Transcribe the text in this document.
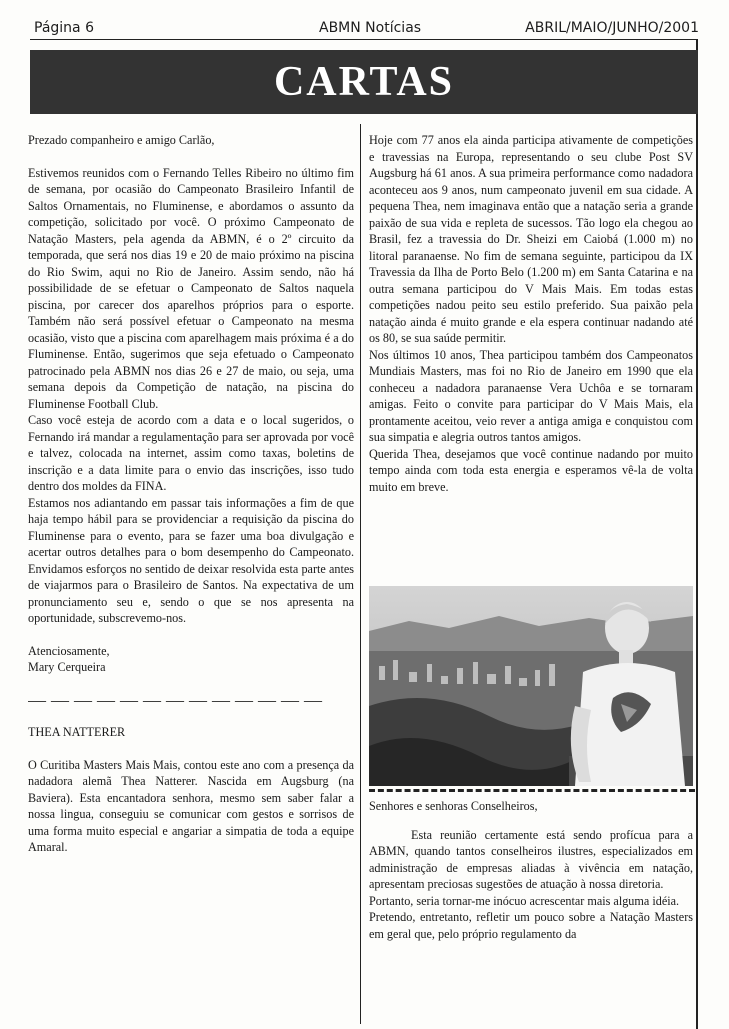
Página 6	ABMN Notícias	ABRIL/MAIO/JUNHO/2001
CARTAS

Prezado companheiro e amigo Carlão,

Estivemos reunidos com o Fernando Telles Ribeiro no último fim de semana, por ocasião do Campeonato Brasileiro Infantil de Saltos Ornamentais, no Fluminense, e abordamos o assunto da competição, solicitado por você. O próximo Campeonato de Natação Masters, pela agenda da ABMN, é o 2º circuito da temporada, que será nos dias 19 e 20 de maio próximo na piscina do Rio Swim, aqui no Rio de Janeiro. Assim sendo, não há possibilidade de se efetuar o Campeonato de Saltos naquela piscina, por carecer dos aparelhos próprios para o esporte. Também não será possível efetuar o Campeonato na mesma ocasião, visto que a piscina com aparelhagem mais próxima é a do Fluminense. Então, sugerimos que seja efetuado o Campeonato patrocinado pela ABMN nos dias 26 e 27 de maio, ou seja, uma semana depois da Competição de natação, na piscina do Fluminense Football Club.

Caso você esteja de acordo com a data e o local sugeridos, o Fernando irá mandar a regulamentação para ser aprovada por você e talvez, colocada na internet, assim como taxas, boletins de inscrição e a data limite para o envio das inscrições, isso tudo dentro dos moldes da FINA.

Estamos nos adiantando em passar tais informações a fim de que haja tempo hábil para se providenciar a requisição da piscina do Fluminense para o evento, para se fazer uma boa divulgação e acertar outros detalhes para o bom desempenho do Campeonato. Envidamos esforços no sentido de deixar resolvida esta parte antes de viajarmos para o Brasileiro de Santos. Na expectativa de um pronunciamento seu e, sendo o que se nos apresenta na oportunidade, subscrevemo-nos.

Atenciosamente,

Mary Cerqueira

—————————————

THEA NATTERER

O Curitiba Masters Mais Mais, contou este ano com a presença da nadadora alemã Thea Natterer. Nascida em Augsburg (na Baviera). Esta encantadora senhora, mesmo sem saber falar a nossa lingua, conseguiu se comunicar com gestos e sorrisos de uma forma muito especial e angariar a simpatia de toda a equipe Amaral.

Hoje com 77 anos ela ainda participa ativamente de competições e travessias na Europa, representando o seu clube Post SV Augsburg há 61 anos. A sua primeira performance como nadadora aconteceu aos 9 anos, num campeonato juvenil em sua cidade. A pequena Thea, nem imaginava então que a natação seria a grande paixão de sua vida e repleta de sucessos. Tão logo ela chegou ao Brasil, fez a travessia do Dr. Sheizi em Caiobá (1.000 m) no litoral paranaense. No fim de semana seguinte, participou da IX Travessia da Ilha de Porto Belo (1.200 m) em Santa Catarina e na outra semana participou do V Mais Mais. Em todas estas competições nadou peito seu estilo preferido. Sua paixão pela natação ainda é muito grande e ela espera continuar nadando até os 80, se sua saúde permitir.

Nos últimos 10 anos, Thea participou também dos Campeonatos Mundiais Masters, mas foi no Rio de Janeiro em 1990 que ela conheceu a nadadora paranaense Vera Uchôa e se tornaram amigas. Feito o convite para participar do V Mais Mais, ela prontamente aceitou, veio rever a antiga amiga e conquistou com sua simpatia e alegria outros tantos amigos.

Querida Thea, desejamos que você continue nadando por muito tempo ainda com toda esta energia e esperamos vê-la de volta muito em breve.

Senhores e senhoras Conselheiros,

Esta reunião certamente está sendo profícua para a ABMN, quando tantos conselheiros ilustres, especializados em administração de empresas aliadas à vivência em natação, apresentam preciosas sugestões de atuação à nossa diretoria.

Portanto, seria tornar-me inócuo acrescentar mais alguma idéia.

Pretendo, entretanto, refletir um pouco sobre a Natação Masters em geral que, pelo próprio regulamento da
